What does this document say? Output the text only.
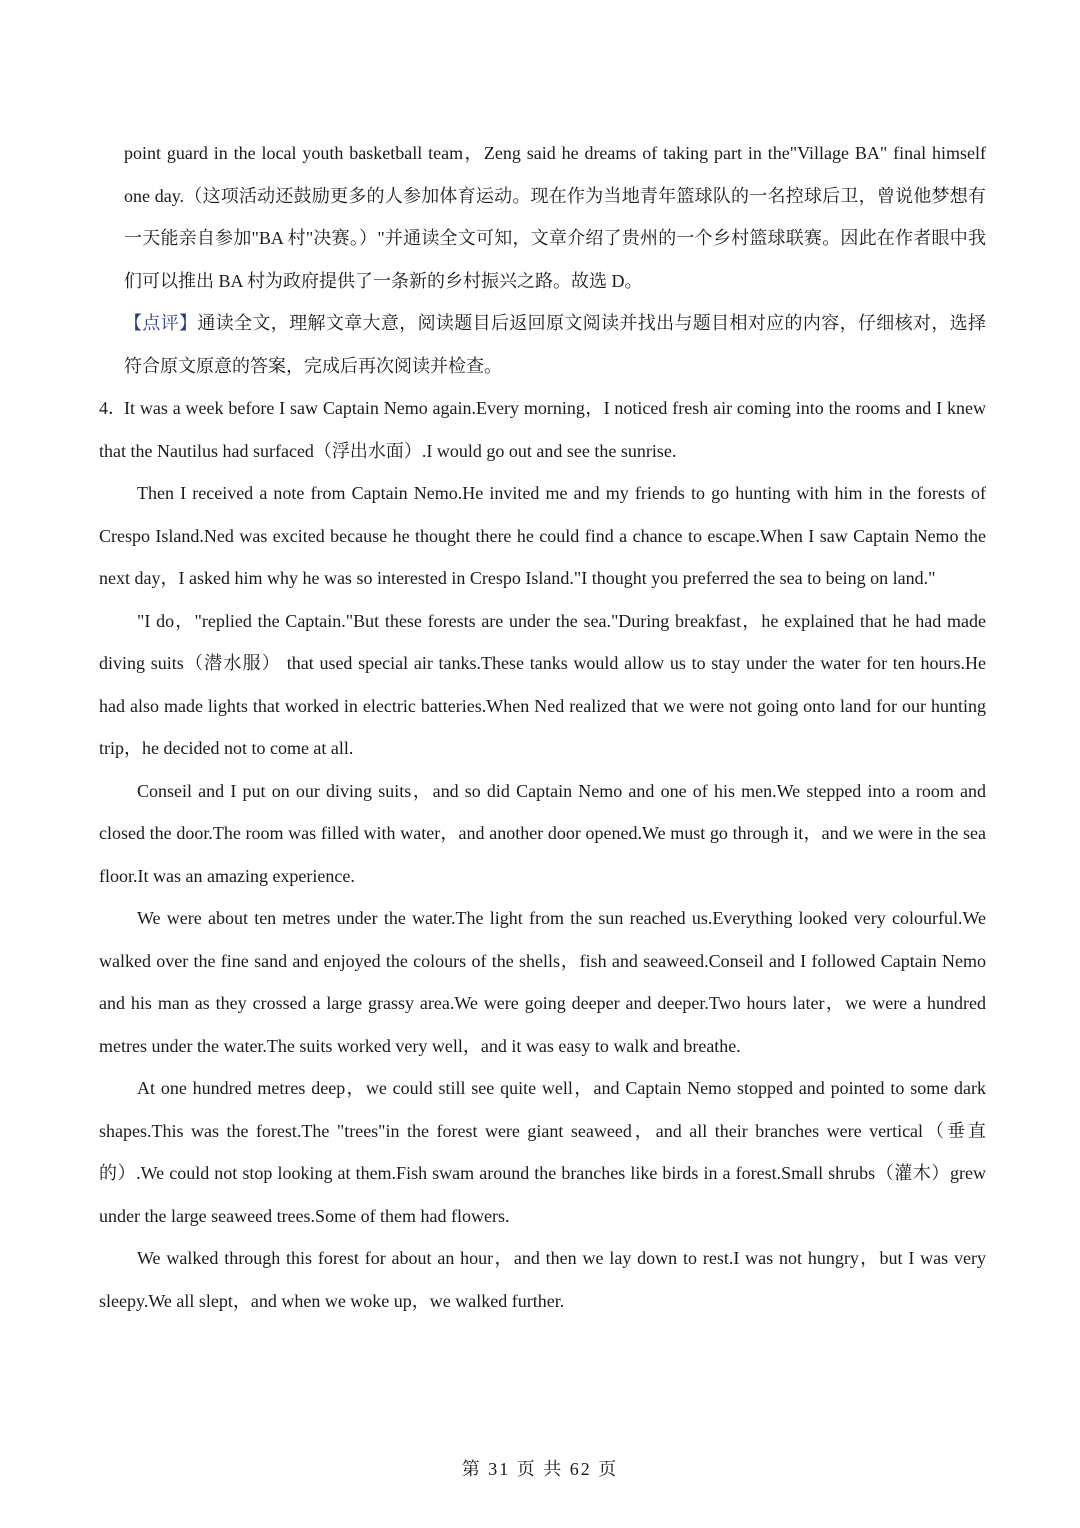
point guard in the local youth basketball team，Zeng said he dreams of taking part in the"Village BA" final himself one day.（这项活动还鼓励更多的人参加体育运动。现在作为当地青年篮球队的一名控球后卫，曾说他梦想有一天能亲自参加"BA 村"决赛。）"并通读全文可知，文章介绍了贵州的一个乡村篮球联赛。因此在作者眼中我们可以推出 BA 村为政府提供了一条新的乡村振兴之路。故选 D。

【点评】通读全文，理解文章大意，阅读题目后返回原文阅读并找出与题目相对应的内容，仔细核对，选择符合原文原意的答案，完成后再次阅读并检查。

4．It was a week before I saw Captain Nemo again.Every morning，I noticed fresh air coming into the rooms and I knew that the Nautilus had surfaced（浮出水面）.I would go out and see the sunrise.

Then I received a note from Captain Nemo.He invited me and my friends to go hunting with him in the forests of Crespo Island.Ned was excited because he thought there he could find a chance to escape.When I saw Captain Nemo the next day，I asked him why he was so interested in Crespo Island."I thought you preferred the sea to being on land."

"I do，"replied the Captain."But these forests are under the sea."During breakfast，he explained that he had made diving suits（潜水服） that used special air tanks.These tanks would allow us to stay under the water for ten hours.He had also made lights that worked in electric batteries.When Ned realized that we were not going onto land for our hunting trip，he decided not to come at all.

Conseil and I put on our diving suits，and so did Captain Nemo and one of his men.We stepped into a room and closed the door.The room was filled with water，and another door opened.We must go through it，and we were in the sea floor.It was an amazing experience.

We were about ten metres under the water.The light from the sun reached us.Everything looked very colourful.We walked over the fine sand and enjoyed the colours of the shells，fish and seaweed.Conseil and I followed Captain Nemo and his man as they crossed a large grassy area.We were going deeper and deeper.Two hours later，we were a hundred metres under the water.The suits worked very well，and it was easy to walk and breathe.

At one hundred metres deep，we could still see quite well，and Captain Nemo stopped and pointed to some dark shapes.This was the forest.The "trees"in the forest were giant seaweed，and all their branches were vertical（垂直的）.We could not stop looking at them.Fish swam around the branches like birds in a forest.Small shrubs（灌木）grew under the large seaweed trees.Some of them had flowers.

We walked through this forest for about an hour，and then we lay down to rest.I was not hungry，but I was very sleepy.We all slept，and when we woke up，we walked further.

第 31 页 共 62 页
